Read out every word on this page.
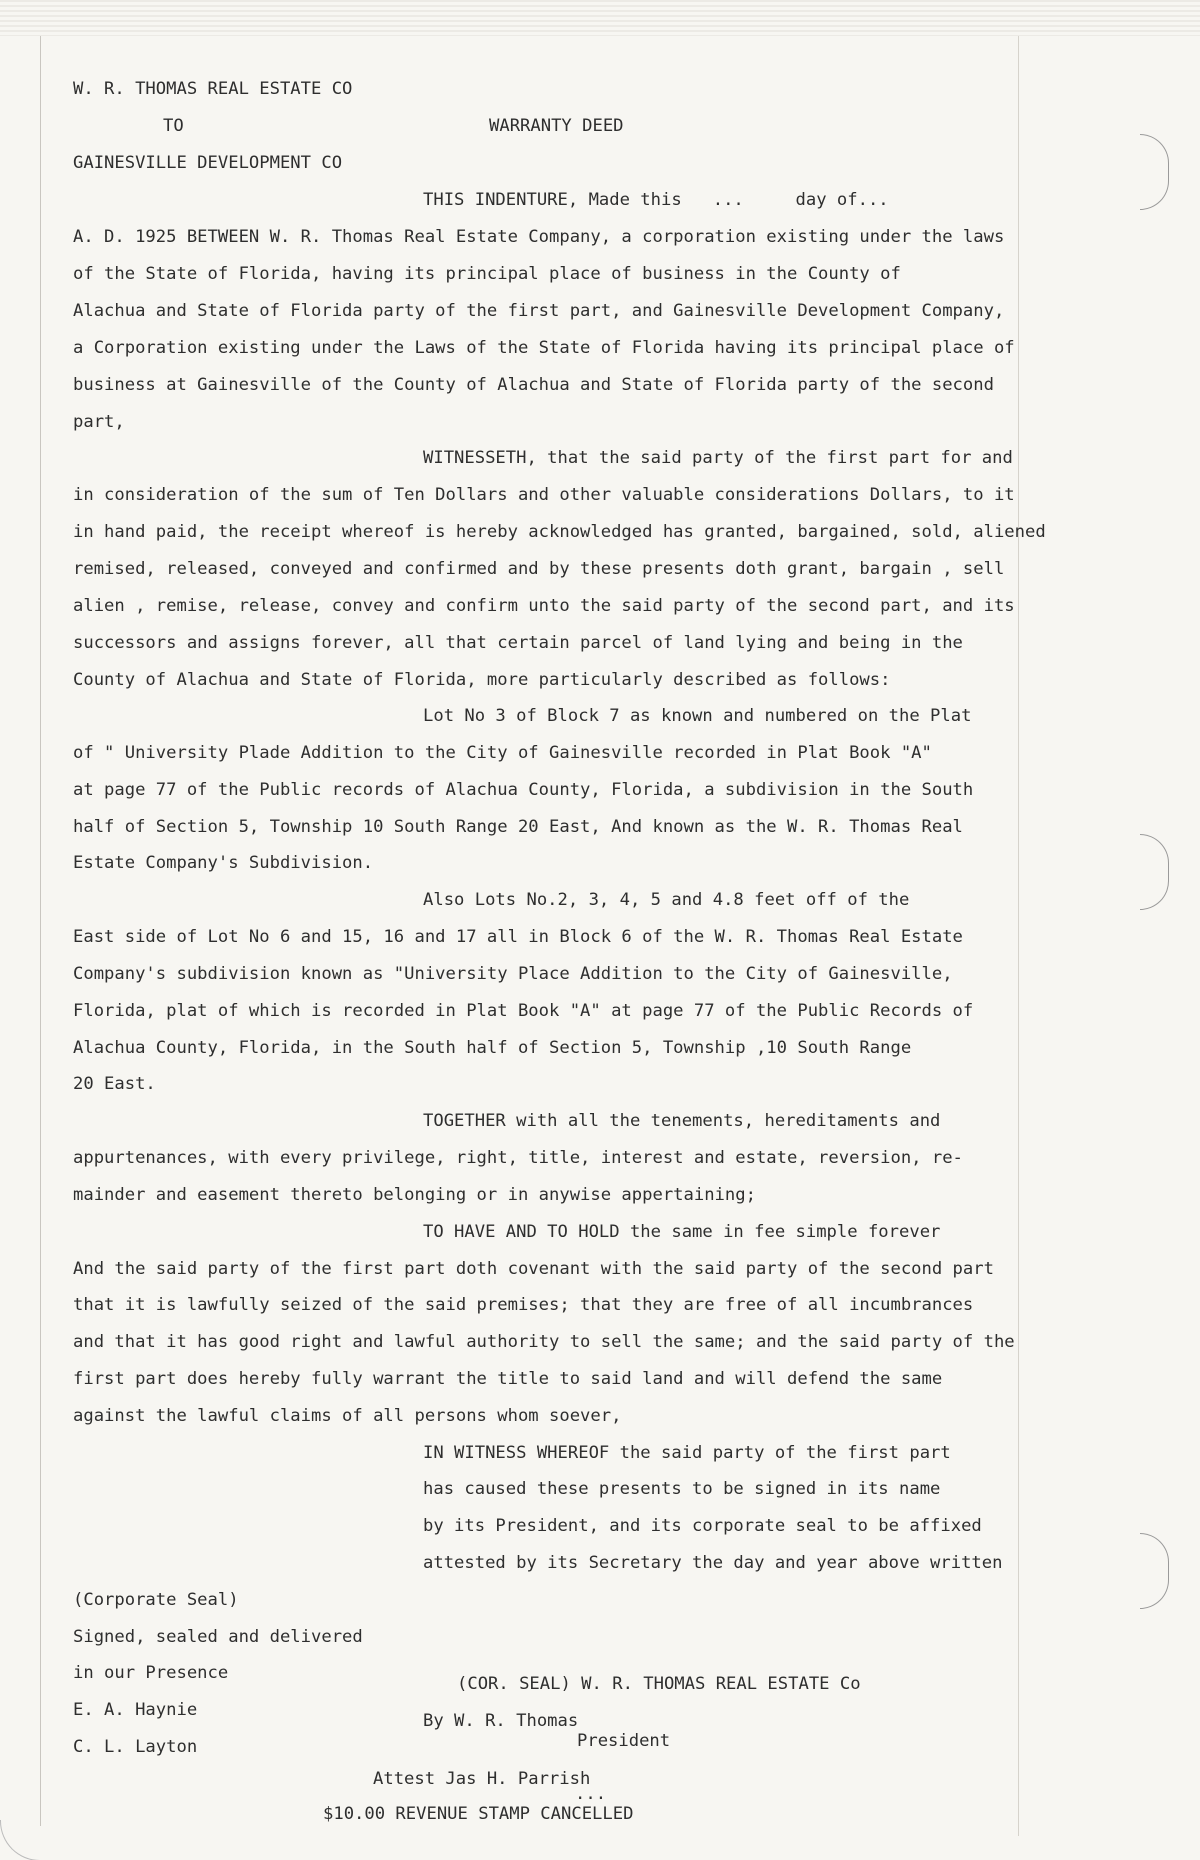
W. R. THOMAS REAL ESTATE CO
TO	WARRANTY DEED
GAINESVILLE DEVELOPMENT CO
THIS INDENTURE, Made this   ...     day of...
A. D. 1925 BETWEEN W. R. Thomas Real Estate Company, a corporation existing under the laws
of the State of Florida, having its principal place of business in the County of
Alachua and State of Florida party of the first part, and Gainesville Development Company,
a Corporation existing under the Laws of the State of Florida having its principal place of
business at Gainesville of the County of Alachua and State of Florida party of the second
part,
WITNESSETH, that the said party of the first part for and
in consideration of the sum of Ten Dollars and other valuable considerations Dollars, to it
in hand paid, the receipt whereof is hereby acknowledged has granted, bargained, sold, aliened
remised, released, conveyed and confirmed and by these presents doth grant, bargain , sell
alien , remise, release, convey and confirm unto the said party of the second part, and its
successors and assigns forever, all that certain parcel of land lying and being in the
County of Alachua and State of Florida, more particularly described as follows:
Lot No 3 of Block 7 as known and numbered on the Plat
of " University Plade Addition to the City of Gainesville recorded in Plat Book "A"
at page 77 of the Public records of Alachua County, Florida, a subdivision in the South
half of Section 5, Township 10 South Range 20 East, And known as the W. R. Thomas Real
Estate Company's Subdivision.
Also Lots No.2, 3, 4, 5 and 4.8 feet off of the
East side of Lot No 6 and 15, 16 and 17 all in Block 6 of the W. R. Thomas Real Estate
Company's subdivision known as "University Place Addition to the City of Gainesville,
Florida, plat of which is recorded in Plat Book "A" at page 77 of the Public Records of
Alachua County, Florida, in the South half of Section 5, Township ,10 South Range
20 East.
TOGETHER with all the tenements, hereditaments and
appurtenances, with every privilege, right, title, interest and estate, reversion, re-
mainder and easement thereto belonging or in anywise appertaining;
TO HAVE AND TO HOLD the same in fee simple forever
And the said party of the first part doth covenant with the said party of the second part
that it is lawfully seized of the said premises; that they are free of all incumbrances
and that it has good right and lawful authority to sell the same; and the said party of the
first part does hereby fully warrant the title to said land and will defend the same
against the lawful claims of all persons whom soever,
IN WITNESS WHEREOF the said party of the first part
has caused these presents to be signed in its name
by its President, and its corporate seal to be affixed
attested by its Secretary the day and year above written
(Corporate Seal)
Signed, sealed and delivered
in our Presence
(COR. SEAL) W. R. THOMAS REAL ESTATE Co
E. A. Haynie
By W. R. Thomas
C. L. Layton	President
Attest Jas H. Parrish
...
$10.00 REVENUE STAMP CANCELLED
